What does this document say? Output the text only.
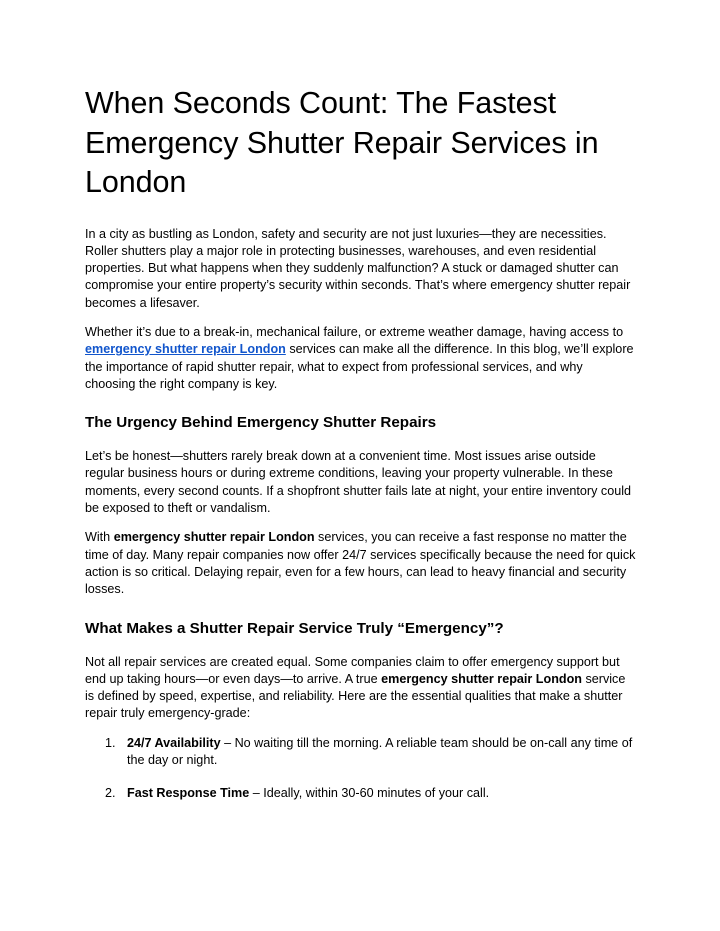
When Seconds Count: The Fastest Emergency Shutter Repair Services in London

In a city as bustling as London, safety and security are not just luxuries—they are necessities. Roller shutters play a major role in protecting businesses, warehouses, and even residential properties. But what happens when they suddenly malfunction? A stuck or damaged shutter can compromise your entire property’s security within seconds. That’s where emergency shutter repair becomes a lifesaver.

Whether it’s due to a break-in, mechanical failure, or extreme weather damage, having access to emergency shutter repair London services can make all the difference. In this blog, we’ll explore the importance of rapid shutter repair, what to expect from professional services, and why choosing the right company is key.

The Urgency Behind Emergency Shutter Repairs

Let’s be honest—shutters rarely break down at a convenient time. Most issues arise outside regular business hours or during extreme conditions, leaving your property vulnerable. In these moments, every second counts. If a shopfront shutter fails late at night, your entire inventory could be exposed to theft or vandalism.

With emergency shutter repair London services, you can receive a fast response no matter the time of day. Many repair companies now offer 24/7 services specifically because the need for quick action is so critical. Delaying repair, even for a few hours, can lead to heavy financial and security losses.

What Makes a Shutter Repair Service Truly “Emergency”?

Not all repair services are created equal. Some companies claim to offer emergency support but end up taking hours—or even days—to arrive. A true emergency shutter repair London service is defined by speed, expertise, and reliability. Here are the essential qualities that make a shutter repair truly emergency-grade:

1. 24/7 Availability – No waiting till the morning. A reliable team should be on-call any time of the day or night.
2. Fast Response Time – Ideally, within 30-60 minutes of your call.
